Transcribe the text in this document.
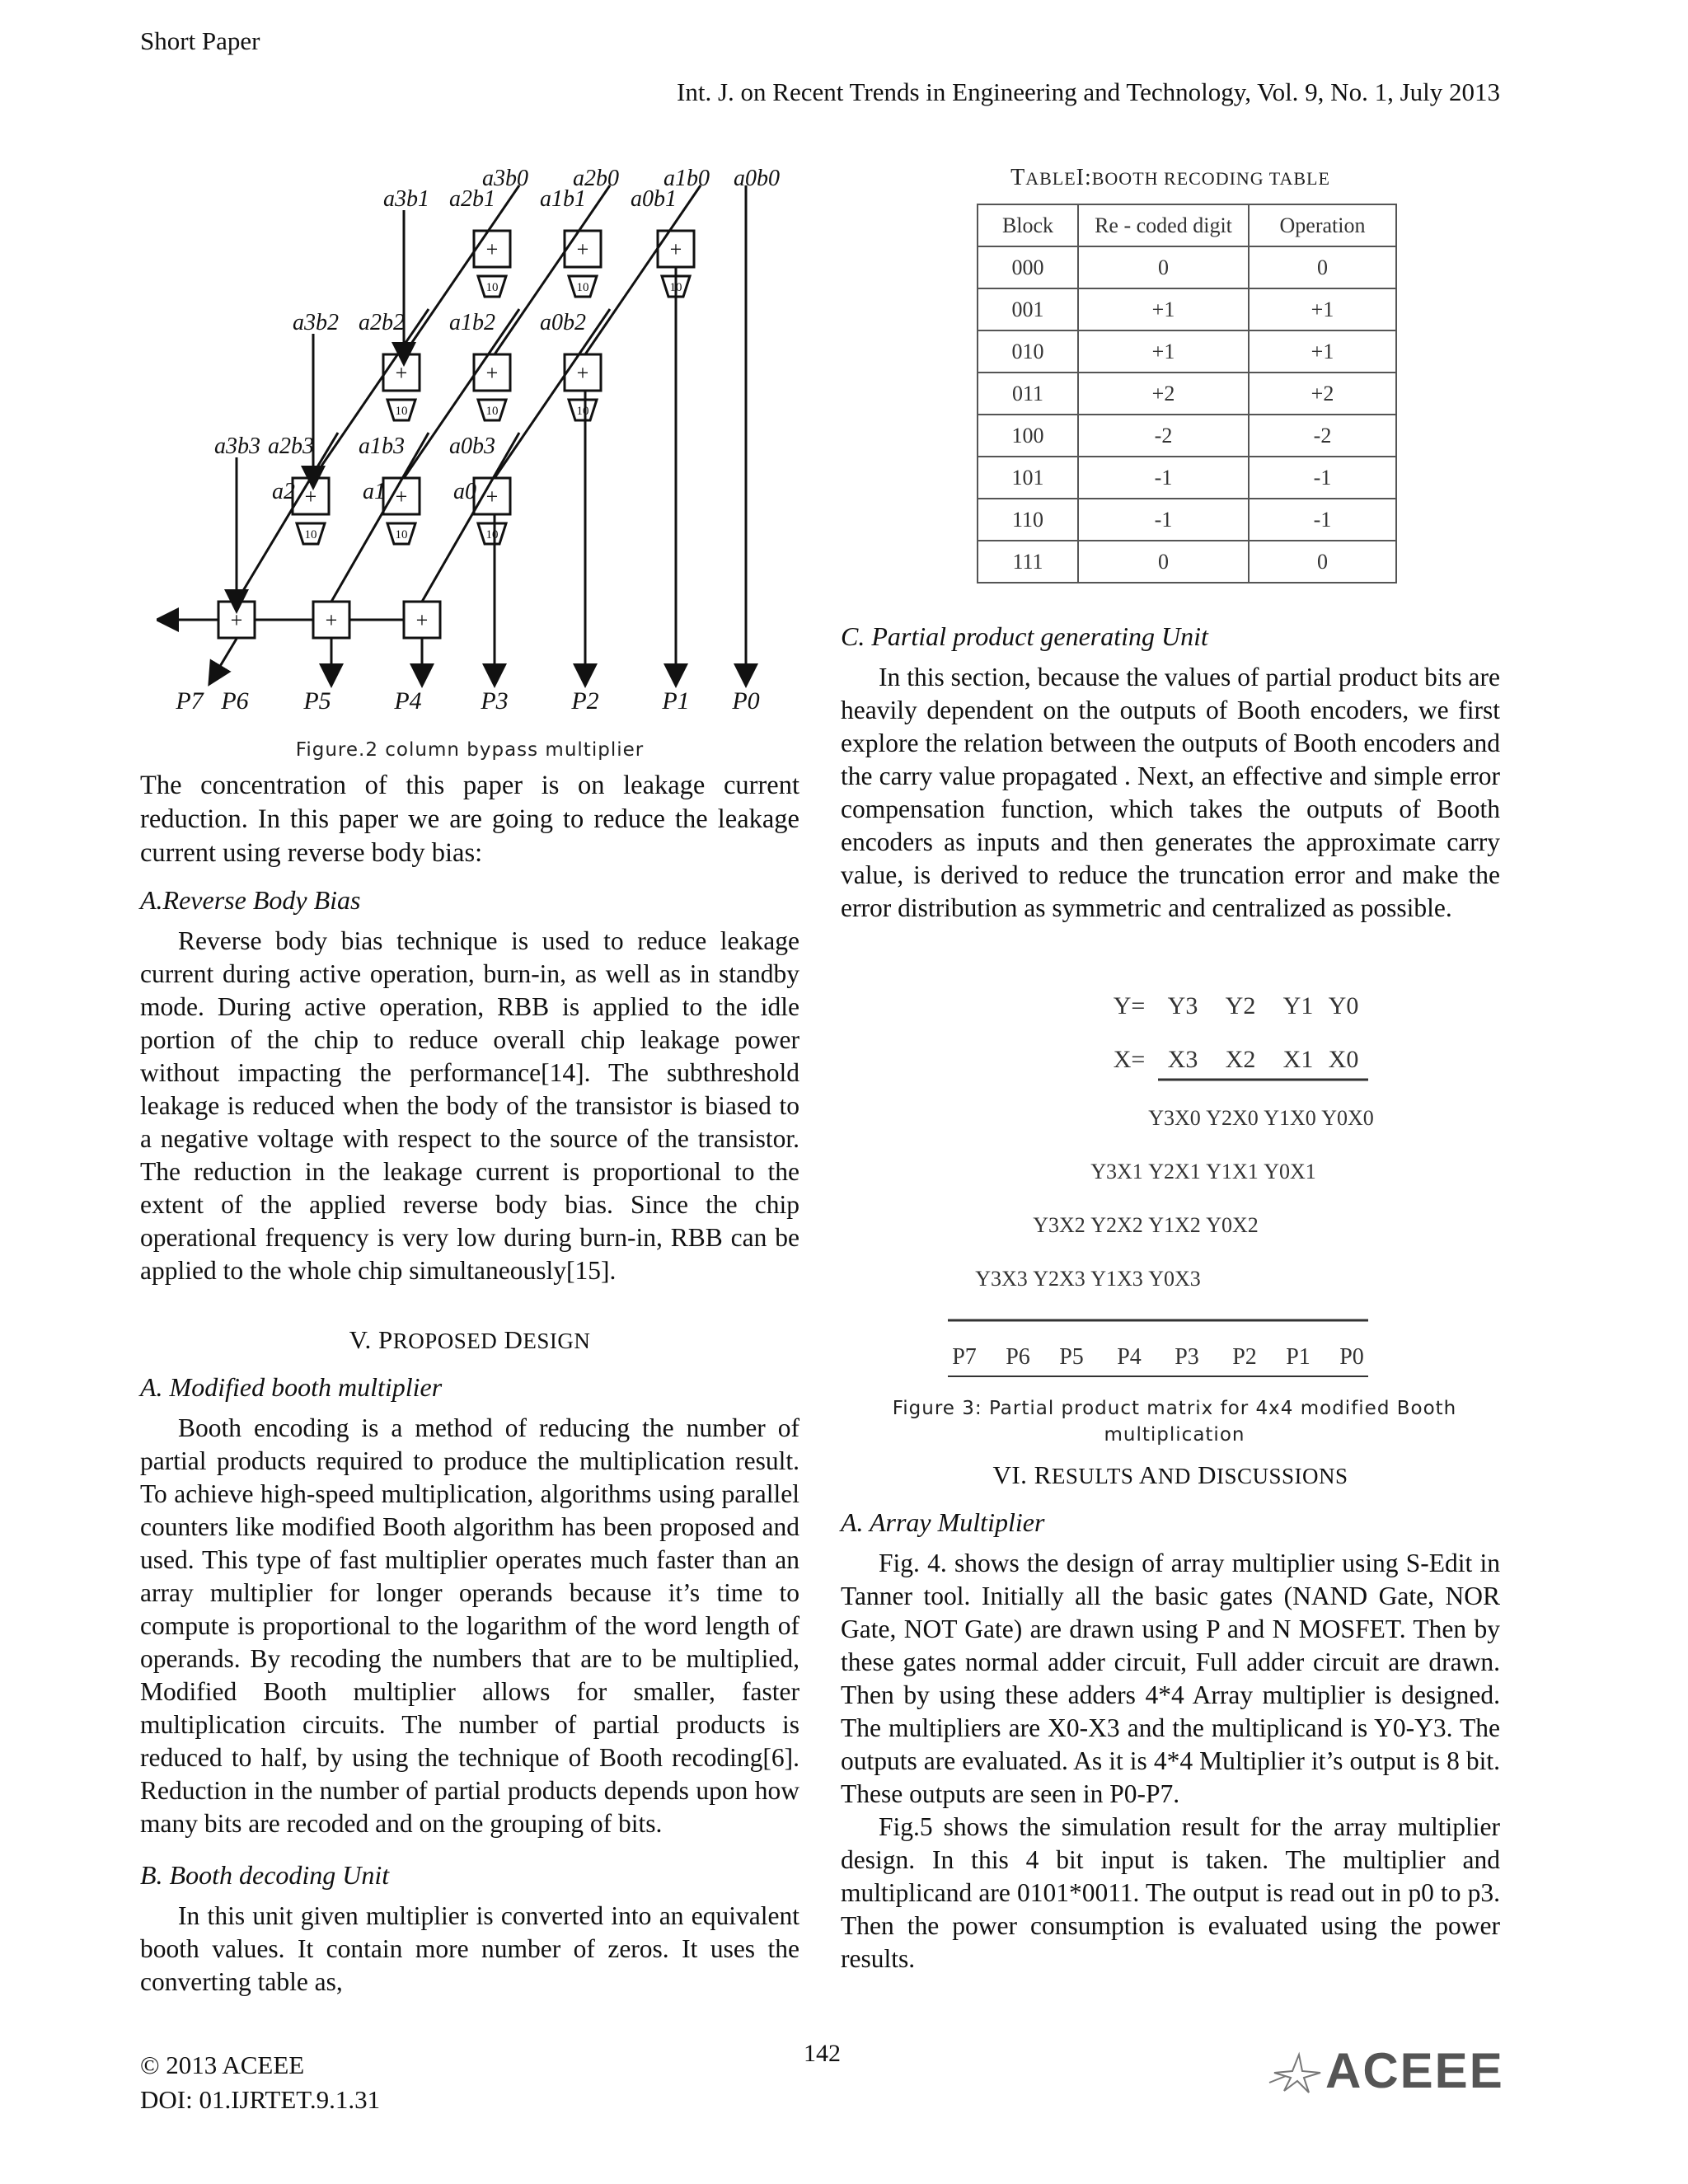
Short Paper
Int. J. on Recent Trends in Engineering and Technology, Vol. 9, No. 1, July 2013
+	+	+
+	+	+
+	+	+
+	+	+
10	10	10
10	10	10
10	10	10
a3b1 a2b1
a3b0
a1b1
a2b0
a0b1
a1b0 a0b0
a3b2 a2b2 a1b2 a0b2
a3b3 a2b3 a1b3 a0b3
a2	a1	a0
P7 P6 P5	P4 P3	P2	P1 P0
Figure.2 column bypass multiplier

The concentration of this paper is on leakage current reduction. In this paper we are going to reduce the leakage current using reverse body bias:

A.Reverse Body Bias

Reverse body bias technique is used to reduce leakage current during active operation, burn-in, as well as in standby mode. During active operation, RBB is applied to the idle portion of the chip to reduce overall chip leakage power without impacting the performance[14]. The subthreshold leakage is reduced when the body of the transistor is biased to a negative voltage with respect to the source of the transistor. The reduction in the leakage current is proportional to the extent of the applied reverse body bias. Since the chip operational frequency is very low during burn-in, RBB can be applied to the whole chip simultaneously[15].

V. PROPOSED DESIGN
A. Modified booth multiplier

Booth encoding is a method of reducing the number of partial products required to produce the multiplication result. To achieve high-speed multiplication, algorithms using parallel counters like modified Booth algorithm has been proposed and used. This type of fast multiplier operates much faster than an array multiplier for longer operands because it’s time to compute is proportional to the logarithm of the word length of operands. By recoding the numbers that are to be multiplied, Modified Booth multiplier allows for smaller, faster multiplication circuits. The number of partial products is reduced to half, by using the technique of Booth recoding[6]. Reduction in the number of partial products depends upon how many bits are recoded and on the grouping of bits.

B. Booth decoding Unit

In this unit given multiplier is converted into an equivalent booth values. It contain more number of zeros. It uses the converting table as,

TABLEI:BOOTH RECODING TABLE
Block	Re - coded digit	Operation
000	0	0
001	+1	+1
010	+1	+1
011	+2	+2
100	-2	-2
101	-1	-1
110	-1	-1
111	0	0
C. Partial product generating Unit

In this section, because the values of partial product bits are heavily dependent on the outputs of Booth encoders, we first explore the relation between the outputs of Booth encoders and the carry value propagated . Next, an effective and simple error compensation function, which takes the outputs of Booth encoders as inputs and then generates the approximate carry value, is derived to reduce the truncation error and make the error distribution as symmetric and centralized as possible.

Y= Y3 Y2 Y1 Y0
X= X3 X2 X1 X0
Y3X0 Y2X0 Y1X0 Y0X0
Y3X1 Y2X1 Y1X1 Y0X1
Y3X2 Y2X2 Y1X2 Y0X2
Y3X3 Y2X3 Y1X3 Y0X3
P7 P6 P5 P4 P3 P2 P1 P0
Figure 3: Partial product matrix for 4x4 modified Booth multiplication
VI. RESULTS AND DISCUSSIONS
A. Array Multiplier

Fig. 4. shows the design of array multiplier using S-Edit in Tanner tool. Initially all the basic gates (NAND Gate, NOR Gate, NOT Gate) are drawn using P and N MOSFET. Then by these gates normal adder circuit, Full adder circuit are drawn. Then by using these adders 4*4 Array multiplier is designed. The multipliers are X0-X3 and the multiplicand is Y0-Y3. The outputs are evaluated. As it is 4*4 Multiplier it’s output is 8 bit. These outputs are seen in P0-P7.

Fig.5 shows the simulation result for the array multiplier design. In this 4 bit input is taken. The multiplier and multiplicand are 0101*0011. The output is read out in p0 to p3. Then the power consumption is evaluated using the power results.

© 2013 ACEEE
DOI: 01.IJRTET.9.1.31
142	ACEEE
